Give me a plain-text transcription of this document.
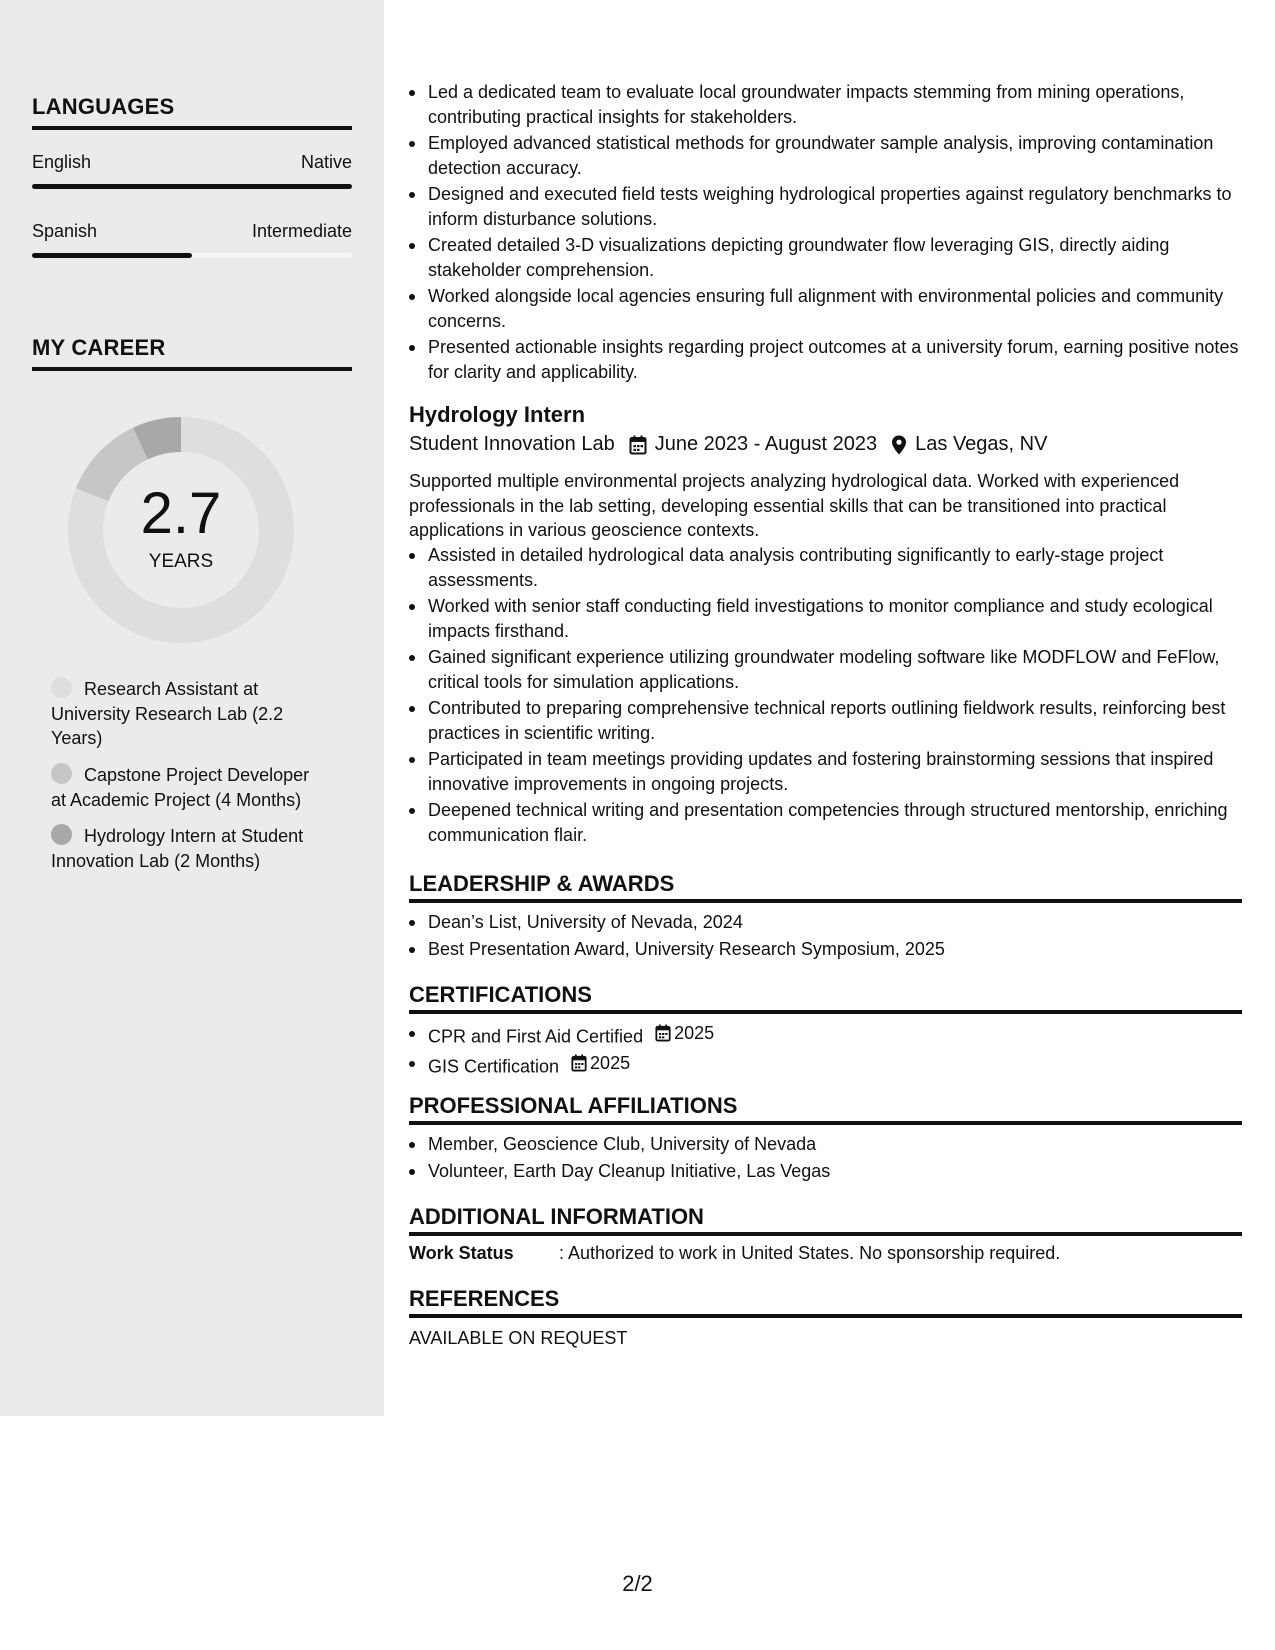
LANGUAGES
English	Native
Spanish	Intermediate
MY CAREER
2.7
YEARS
Research Assistant at University Research Lab (2.2 Years)
Capstone Project Developer at Academic Project (4 Months)
Hydrology Intern at Student Innovation Lab (2 Months)
Led a dedicated team to evaluate local groundwater impacts stemming from mining operations, contributing practical insights for stakeholders.
Employed advanced statistical methods for groundwater sample analysis, improving contamination detection accuracy.
Designed and executed field tests weighing hydrological properties against regulatory benchmarks to inform disturbance solutions.
Created detailed 3-D visualizations depicting groundwater flow leveraging GIS, directly aiding stakeholder comprehension.
Worked alongside local agencies ensuring full alignment with environmental policies and community concerns.
Presented actionable insights regarding project outcomes at a university forum, earning positive notes for clarity and applicability.
Hydrology Intern
Student Innovation Lab June 2023 - August 2023 Las Vegas, NV
Supported multiple environmental projects analyzing hydrological data. Worked with experienced professionals in the lab setting, developing essential skills that can be transitioned into practical applications in various geoscience contexts.
Assisted in detailed hydrological data analysis contributing significantly to early-stage project assessments.
Worked with senior staff conducting field investigations to monitor compliance and study ecological impacts firsthand.
Gained significant experience utilizing groundwater modeling software like MODFLOW and FeFlow, critical tools for simulation applications.
Contributed to preparing comprehensive technical reports outlining fieldwork results, reinforcing best practices in scientific writing.
Participated in team meetings providing updates and fostering brainstorming sessions that inspired innovative improvements in ongoing projects.
Deepened technical writing and presentation competencies through structured mentorship, enriching communication flair.
LEADERSHIP & AWARDS
Dean’s List, University of Nevada, 2024
Best Presentation Award, University Research Symposium, 2025
CERTIFICATIONS
CPR and First Aid Certified 2025
GIS Certification 2025
PROFESSIONAL AFFILIATIONS
Member, Geoscience Club, University of Nevada
Volunteer, Earth Day Cleanup Initiative, Las Vegas
ADDITIONAL INFORMATION
Work Status	: Authorized to work in United States. No sponsorship required.
REFERENCES
AVAILABLE ON REQUEST
2/2
